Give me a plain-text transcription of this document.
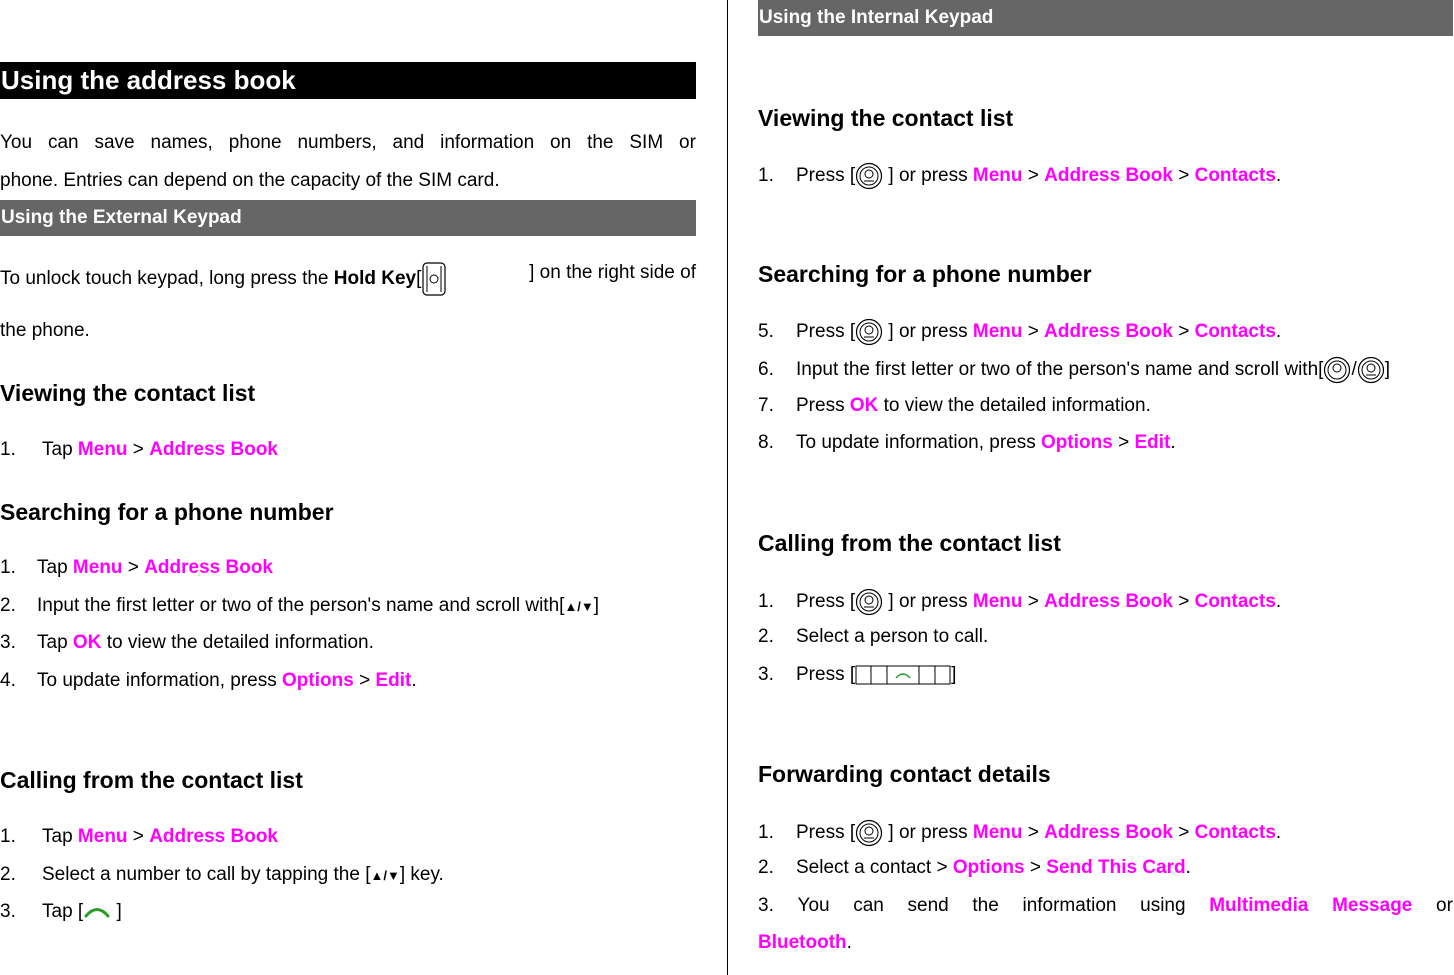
Using the address book
You can save names, phone numbers, and information on the SIM or
phone. Entries can depend on the capacity of the SIM card.
Using the External Keypad
To unlock touch keypad, long press the Hold Key[	] on the right side of
the phone.
Viewing the contact list
1. Tap Menu > Address Book
Searching for a phone number
1. Tap Menu > Address Book
2. Input the first letter or two of the person's name and scroll with[▲/▼]
3. Tap OK to view the detailed information.
4. To update information, press Options > Edit.
Calling from the contact list
1. Tap Menu > Address Book
2. Select a number to call by tapping the [▲/▼] key.
3. Tap [ ]
Using the Internal Keypad
Viewing the contact list
1. Press [ ] or press Menu > Address Book > Contacts.
Searching for a phone number
5. Press [ ] or press Menu > Address Book > Contacts.
6. Input the first letter or two of the person's name and scroll with[ / ]
7. Press OK to view the detailed information.
8. To update information, press Options > Edit.
Calling from the contact list
1. Press [ ] or press Menu > Address Book > Contacts.
2. Select a person to call.
3. Press [	]
Forwarding contact details
1. Press [ ] or press Menu > Address Book > Contacts.
2. Select a contact > Options > Send This Card.
3. You can send the information using Multimedia Message or
Bluetooth.
